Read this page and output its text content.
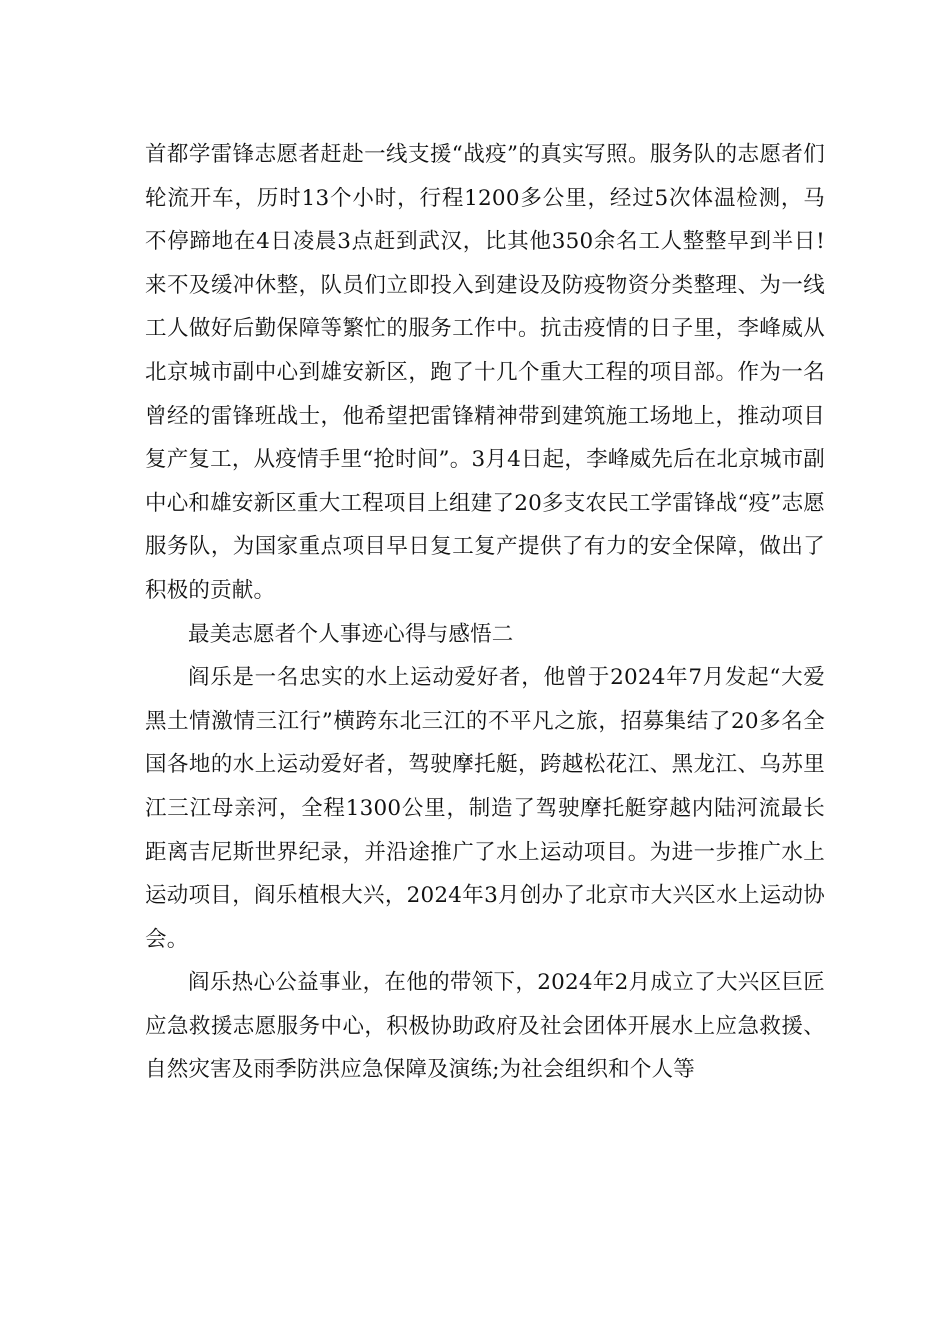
首都学雷锋志愿者赶赴一线支援“战疫”的真实写照。服务队的志愿者们轮流开车，历时13个小时，行程1200多公里，经过5次体温检测，马不停蹄地在4日凌晨3点赶到武汉，比其他350余名工人整整早到半日!来不及缓冲休整，队员们立即投入到建设及防疫物资分类整理、为一线工人做好后勤保障等繁忙的服务工作中。抗击疫情的日子里，李峰威从北京城市副中心到雄安新区，跑了十几个重大工程的项目部。作为一名曾经的雷锋班战士，他希望把雷锋精神带到建筑施工场地上，推动项目复产复工，从疫情手里“抢时间”。3月4日起，李峰威先后在北京城市副中心和雄安新区重大工程项目上组建了20多支农民工学雷锋战“疫”志愿服务队，为国家重点项目早日复工复产提供了有力的安全保障，做出了积极的贡献。

最美志愿者个人事迹心得与感悟二

阎乐是一名忠实的水上运动爱好者，他曾于2024年7月发起“大爱黑土情激情三江行”横跨东北三江的不平凡之旅，招募集结了20多名全国各地的水上运动爱好者，驾驶摩托艇，跨越松花江、黑龙江、乌苏里江三江母亲河，全程1300公里，制造了驾驶摩托艇穿越内陆河流最长距离吉尼斯世界纪录，并沿途推广了水上运动项目。为进一步推广水上运动项目，阎乐植根大兴，2024年3月创办了北京市大兴区水上运动协会。

阎乐热心公益事业，在他的带领下，2024年2月成立了大兴区巨匠应急救援志愿服务中心，积极协助政府及社会团体开展水上应急救援、自然灾害及雨季防洪应急保障及演练;为社会组织和个人等
